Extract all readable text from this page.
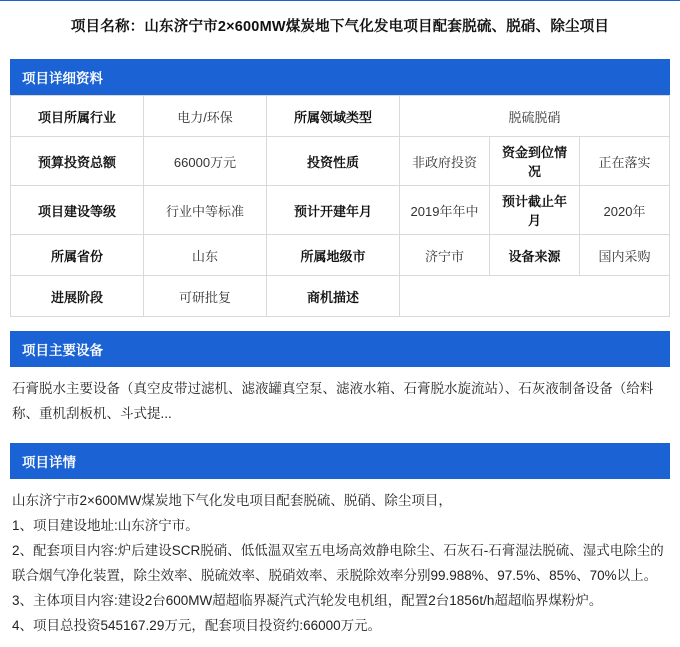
项目名称：山东济宁市2×600MW煤炭地下气化发电项目配套脱硫、脱硝、除尘项目
项目详细资料
项目所属行业	电力/环保	所属领域类型	脱硫脱硝		
预算投资总额	66000万元	投资性质	非政府投资	资金到位情况	正在落实
项目建设等级	行业中等标准	预计开建年月	2019年年中	预计截止年月	2020年
所属省份	山东	所属地级市	济宁市	设备来源	国内采购
进展阶段	可研批复	商机描述			
项目主要设备
石膏脱水主要设备（真空皮带过滤机、滤液罐真空泵、滤液水箱、石膏脱水旋流站）、石灰液制备设备（给料称、重机刮板机、斗式提...
项目详情

山东济宁市2×600MW煤炭地下气化发电项目配套脱硫、脱硝、除尘项目，

1、项目建设地址:山东济宁市。

2、配套项目内容:炉后建设SCR脱硝、低低温双室五电场高效静电除尘、石灰石-石膏湿法脱硫、湿式电除尘的联合烟气净化装置，除尘效率、脱硫效率、脱硝效率、汞脱除效率分别99.988%、97.5%、85%、70%以上。

3、主体项目内容:建设2台600MW超超临界凝汽式汽轮发电机组，配置2台1856t/h超超临界煤粉炉。

4、项目总投资545167.29万元，配套项目投资约:66000万元。
